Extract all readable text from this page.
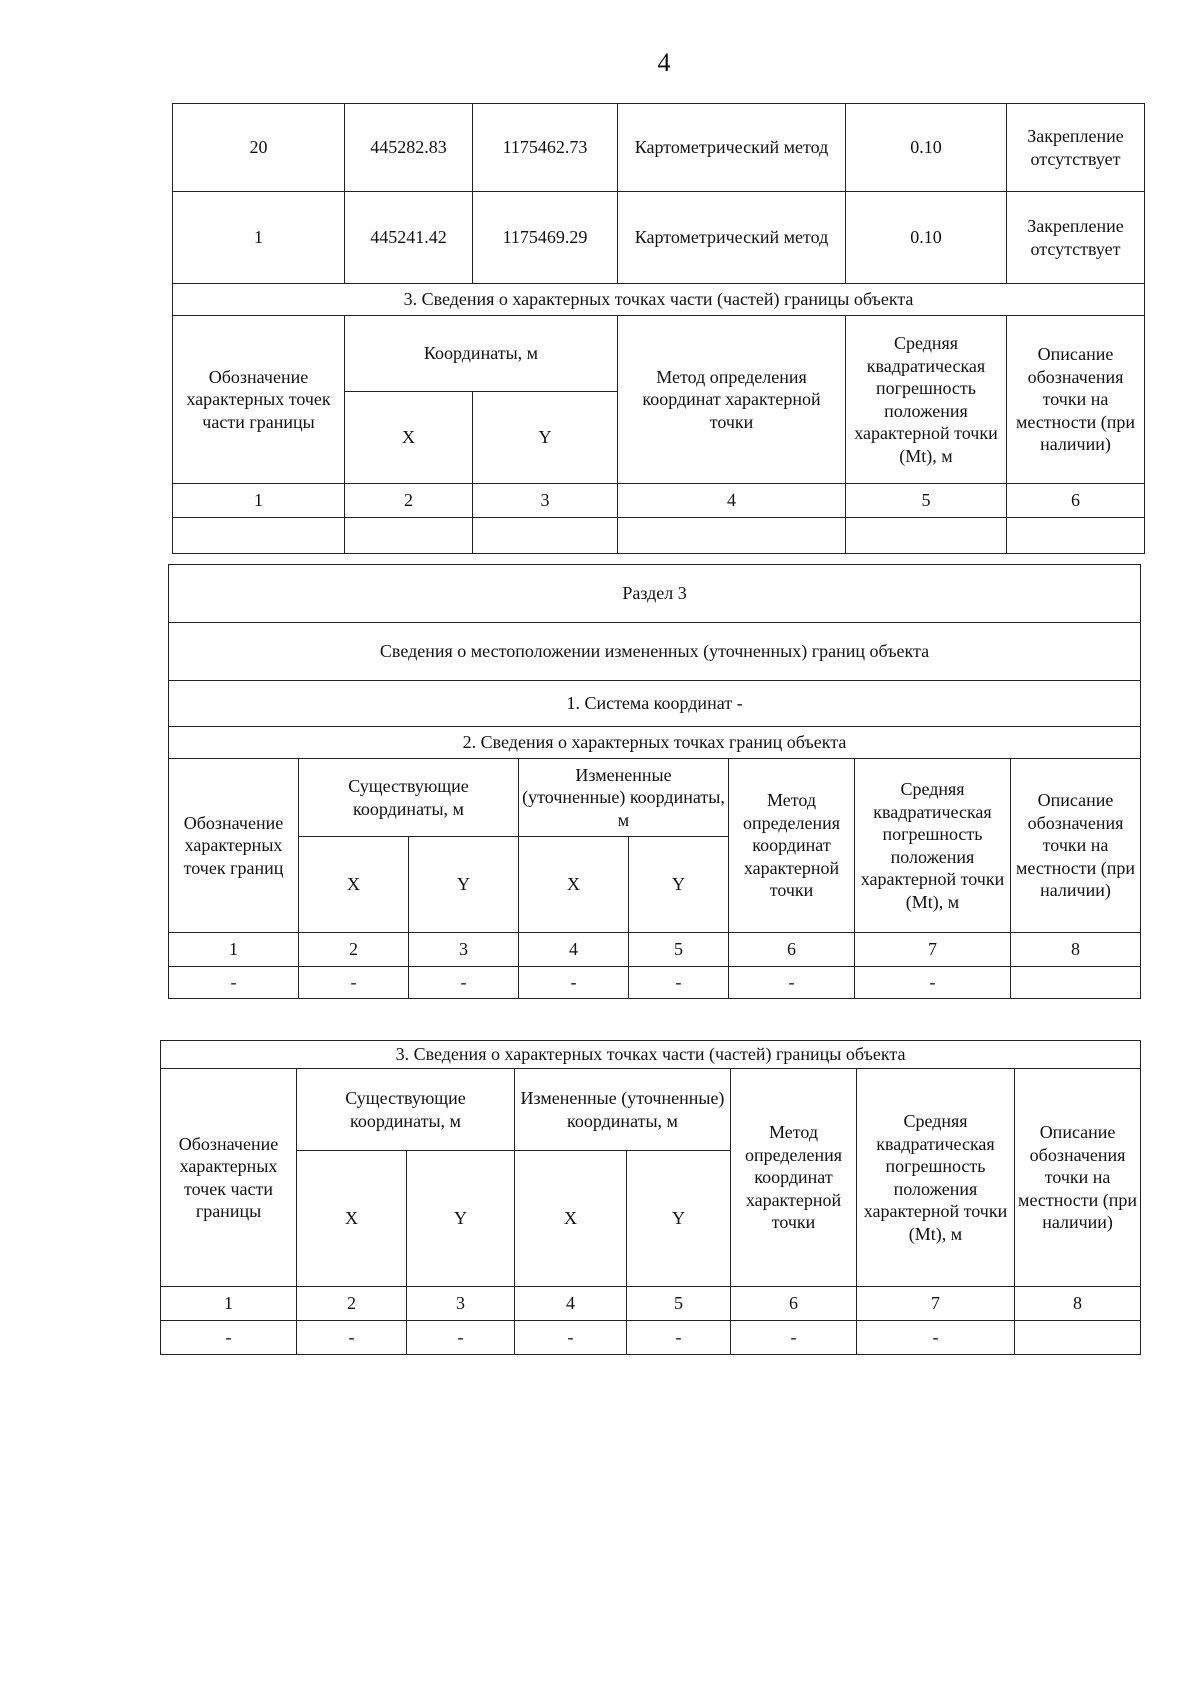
4
20	445282.83	1175462.73	Картометрический метод	0.10	Закрепление отсутствует
1	445241.42	1175469.29	Картометрический метод	0.10	Закрепление отсутствует
3. Сведения о характерных точках части (частей) границы объекта					
Обозначение характерных точек части границы	Координаты, м		Метод определения координат характерной точки	Средняя квадратическая погрешность положения характерной точки (Mt), м	Описание обозначения точки на местности (при наличии)
	X	Y			
1	2	3	4	5	6

Раздел 3							
Сведения о местоположении измененных (уточненных) границ объекта							
1. Система координат -							
2. Сведения о характерных точках границ объекта							
Обозначение характерных точек границ	Существующие координаты, м		Измененные (уточненные) координаты, м		Метод определения координат характерной точки	Средняя квадратическая погрешность положения характерной точки (Mt), м	Описание обозначения точки на местности (при наличии)
	X	Y	X	Y			
1	2	3	4	5	6	7	8
-	-	-	-	-	-	-	
3. Сведения о характерных точках части (частей) границы объекта							
Обозначение характерных точек части границы	Существующие координаты, м		Измененные (уточненные) координаты, м		Метод определения координат характерной точки	Средняя квадратическая погрешность положения характерной точки (Mt), м	Описание обозначения точки на местности (при наличии)
	X	Y	X	Y			
1	2	3	4	5	6	7	8
-	-	-	-	-	-	-	
